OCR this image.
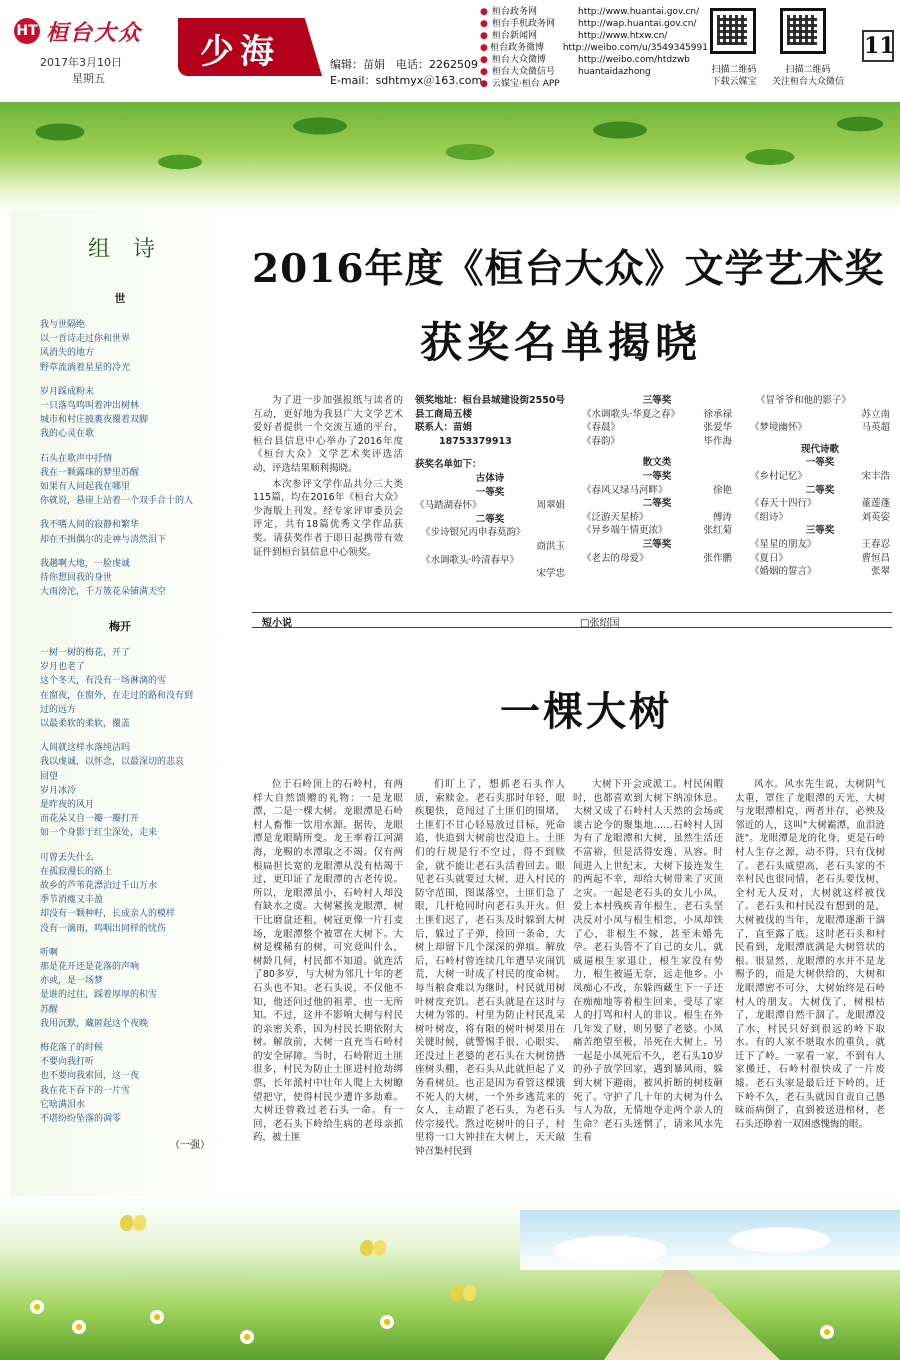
HT 桓台大众
2017年3月10日
星期五
少海	编辑：苗娟　电话：2262509
E-mail：sdhtmyx＠163.com
● 桓台政务网	http://www.huantai.gov.cn/
● 桓台手机政务网	http://wap.huantai.gov.cn/
● 桓台新闻网	http://www.htxw.cn/
● 桓台政务微博	http://weibo.com/u/3549345991
● 桓台大众微博	http://weibo.com/htdzwb
● 桓台大众微信号	huantaidazhong
● 云媒宝·桓台 APP
扫描二维码
下载云媒宝
扫描二维码
关注桓台大众微信
11
组 诗
世
我与世隔绝
以一首诗走过你和世界
风消失的地方
野草流淌着星星的冷光
岁月踩成粉末
一只落鸟鸣叫着冲出树林
城市和村庄披裹夜覆着双脚
我的心灵在歌
石头在歌声中抒情
我在一颗露珠的梦里苏醒
如果有人问起我在哪里
你就说，悬崖上站着一个双手合十的人
我不嗜人间的寂静和繁华
却在不揖偶尔的走神与清然泪下
我趟啊大地，一脸虔诚
待你想回我的身世
大雨滂沱，千万簇花朵铺满天空
梅开
一树一树的梅花，开了
岁月也老了
这个冬天，有没有一场淋漓的雪
在窗夜，在窗外，在走过的路和没有到
过的远方
以最柔软的柔软，覆盖
人间就这样水落纯洁吗
我以虔诚，以怀念，以最深切的悲哀
回望
岁月冰冷
是昨夜的风月
而花朵又自一瓣一瓣打开
如一个身影于红尘深处，走来
可曾丢失什么
在孤寂漫长的路上
故乡的芦苇花漂泊过千山万水
季节消瘦又丰盈
却没有一颗种籽，长成亲人的模样
没有一滴雨，鸣咽出同样的忧伤
听啊
那是花开还是花落的声响
亦或，是一场梦
是谁的过往，踩着厚厚的积雪
苏醒
我用沉默，藏匿起这个夜晚
梅花落了的时候
不要向我打听
也不要向我索回，这一夜
我在花下吞下的一片雪
它啥满泪水
不堪纷纷坠落的凋零
（一强）
2016年度《桓台大众》文学艺术奖
获奖名单揭晓

为了进一步加强报纸与读者的互动，更好地为我县广大文学艺术爱好者提供一个交流互通的平台，桓台县信息中心举办了2016年度《桓台大众》文学艺术奖评选活动，评选结果顺利揭晓。

本次参评文学作品共分三大类115篇，均在2016年《桓台大众》少海版上刊发。经专家评审委员会评定，共有18篇优秀文学作品获奖。请获奖作者于即日起携带有效证件到桓台县信息中心领奖。

领奖地址：桓台县城建设街2550号县工商局五楼
联系人：苗娟
18753379913
获奖名单如下：
古体诗
一等奖
《马踏湖春怀》	周翠娟
二等奖
《步诗银兄丙申春莫韵》
商洪玉
《水调歌头·吟清春早》
宋学忠
三等奖
《水调歌头·华夏之春》 徐承禄
《春晨》	张爱华
《春韵》	毕作海
散文类
一等奖
《春风又绿马河畔》	徐艳
二等奖
《泛游天星桥》	傅涛
《异乡端午情更浓》	张红菊
三等奖
《老去的母爱》	张作鹏
《冒爷爷和他的影子》
苏立南
《梦境幽怀》	马英超
现代诗歌
一等奖
《乡村记忆》	宋丰浩
二等奖
《春天十四行》	董莲蓬
《组诗》	刘英姿
三等奖
《星星的朋友》	王春忍
《夏日》	曹恒昌
《婚姻的誓言》	张翠
短小说	□张绍国
一棵大树

位于石岭顶上的石岭村，有两样大自然馈赠的礼物：一是龙眼潭，二是一棵大树。龙眼潭是石岭村人畜惟一饮用水源。据传，龙眼潭是龙眼睛所变。龙王率着江河湖海，龙赐的水潭取之不竭。仅有两根扁担长宽的龙眼潭从没有枯竭干过，更印证了龙眼潭的古老传说。所以，龙眼潭虽小，石岭村人却没有缺水之虞。大树紧挨龙眼潭，树干比磨盘还粗，树冠更像一片打麦场，龙眼潭整个被罩在大树下。大树是棵稀有的树，可究竟叫什么，树龄几何，村民都不知道。就连活了80多岁，与大树为邻几十年的老石头也不知。老石头说，不仅他不知，他还问过他的祖辈，也一无所知。不过，这并不影响大树与村民的亲密关系，因为村民长期依附大树。解放前，大树一直充当石岭村的安全屏障。当时，石岭附近土匪很多，村民为防止土匪进村抢劫绑票，长年派村中壮年人爬上大树瞭望把守，使得村民少遭许多劫难。大树还曾救过老石头一命。有一回，老石头下岭给生病的老母亲抓药，被土匪

们盯上了，想抓老石头作人质，索赎金。老石头那时年轻，眼疾腿快，竟闯过了土匪们的围堵，土匪们不甘心轻易放过目标，死命追，快追到大树前也没追上。土匪们的行规是行不空过，得不到赎金，就不能让老石头活着回去。眼见老石头就要过大树，进入村民的防守范围，图谋落空，土匪们急了眼，几杆枪同时向老石头开火。但土匪们迟了，老石头及时躲到大树后，躲过了子弹，捡回一条命，大树上却留下几个深深的弹痕。解放后，石岭村曾连续几年遭旱灾闹饥荒，大树一时成了村民的度命树。每当粮食难以为继时，村民就用树叶树皮充饥。老石头就是在这时与大树为邻的。村里为防止村民乱采树叶树皮，将有限的树叶树果用在关键时候，就警惕手很、心眼实、还没过上老婆的老石头在大树傍搭座树头棚，老石头从此就担起了义务看树员。也正是因为看管这棵饿不死人的大树，一个外乡逃荒来的女人，主动跟了老石头，为老石头传宗接代。熬过吃树叶的日子，村里将一口大钟挂在大树上，天天敲钟召集村民到

大树下开会或派工。村民闲暇时，也都喜欢到大树下纳凉休息。大树又成了石岭村人天然的会场或谈古论今的聚集地……石岭村人因为有了龙眼潭和大树，虽然生活还不富裕，但是活得安逸、从容。时间进入上世纪末，大树下接连发生的两起不幸，却给大树带来了灭顶之灾。一起是老石头的女儿小凤，爱上本村残疾青年根生，老石头坚决反对小凤与根生相恋，小凤却铁了心，非根生不嫁，甚至未婚先孕。老石头管不了自己的女儿，就威逼根生家退让，根生家没有势力，根生被逼无奈，远走他乡。小凤痴心不改，东躲西藏生下一子还在痴痴地等着根生回来，受尽了家人的打骂和村人的非议。根生在外几年发了财，则另娶了老婆。小凤痛苦绝望至极，吊死在大树上。另一起是小凤死后不久，老石头10岁的孙子放学回家，遇到暴风雨，躲到大树下避雨，被风折断的树枝砸死了。守护了几十年的大树为什么与人为敌，无情地夺走两个亲人的生命？老石头迷惘了，请来风水先生看

风水。风水先生说，大树阴气太重，罩住了龙眼潭的天光，大树与龙眼潭相克，两者并存，必殃及邻近的人，这叫"大树霸潭，血泪涟涟"。龙眼潭是龙的化身，更是石岭村人生存之源，动不得，只有伐树了。老石头威望高，老石头家的不幸村民也很同情，老石头要伐树，全村无人反对，大树就这样被伐了。老石头和村民没有想到的是，大树被伐的当年，龙眼潭逐渐干涸了，直至露了底。这时老石头和村民看到，龙眼潭底满是大树管状的根。很显然，龙眼潭的水并不是龙赐予的，而是大树供给的，大树和龙眼潭密不可分，大树始终是石岭村人的朋友。大树伐了，树根枯了，龙眼潭自然干涸了。龙眼潭没了水，村民只好到很远的岭下取水。有的人家不堪取水的重负，就迁下了岭。一家看一家，不到有人家搬迁，石岭村很快成了一片废墟。老石头家是最后迁下岭的，迁下岭不久，老石头就因自责自己愚昧而病倒了，直到被送进棺材，老石头还睁着一双困惑愧悔的眼。
